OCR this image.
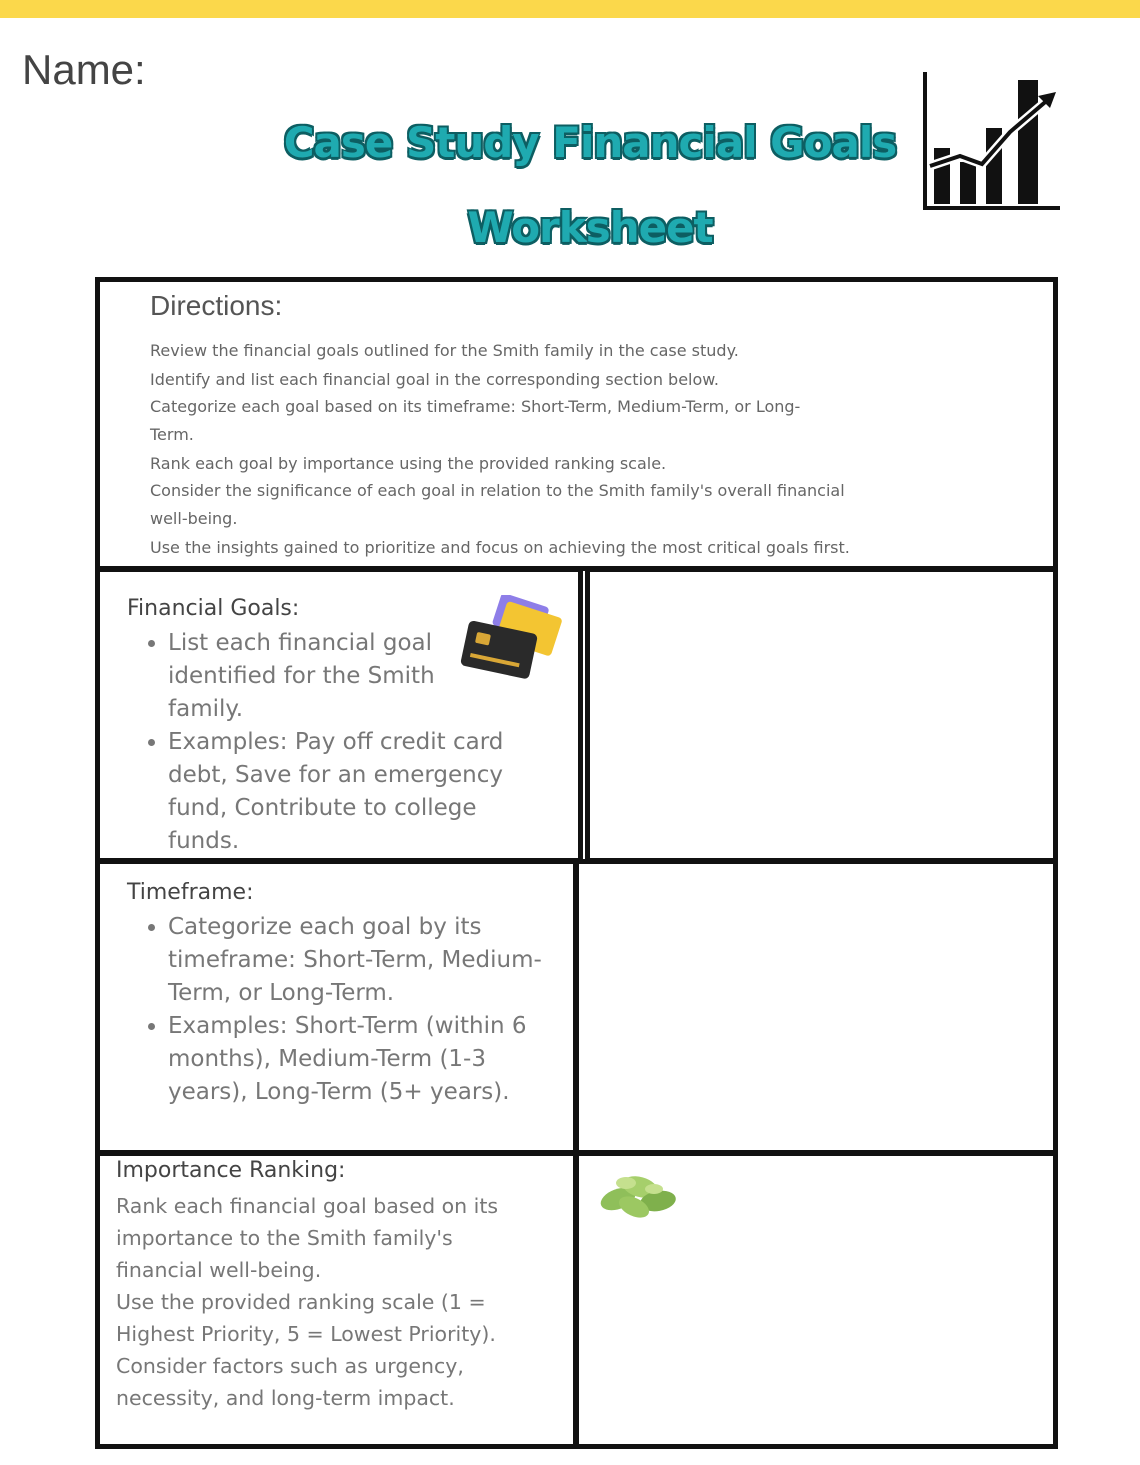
Name:
Case Study Financial Goals
Worksheet
Directions:
Review the financial goals outlined for the Smith family in the case study.
Identify and list each financial goal in the corresponding section below.
Categorize each goal based on its timeframe: Short-Term, Medium-Term, or Long-
Term.
Rank each goal by importance using the provided ranking scale.
Consider the significance of each goal in relation to the Smith family's overall financial
well-being.
Use the insights gained to prioritize and focus on achieving the most critical goals first.
Financial Goals:
• List each financial goal identified for the Smith family.
• Examples: Pay off credit card debt, Save for an emergency fund, Contribute to college funds.
Timeframe:
• Categorize each goal by its timeframe: Short-Term, Medium-Term, or Long-Term.
• Examples: Short-Term (within 6 months), Medium-Term (1-3 years), Long-Term (5+ years).
Importance Ranking:
Rank each financial goal based on its
importance to the Smith family's
financial well-being.
Use the provided ranking scale (1 =
Highest Priority, 5 = Lowest Priority).
Consider factors such as urgency,
necessity, and long-term impact.
